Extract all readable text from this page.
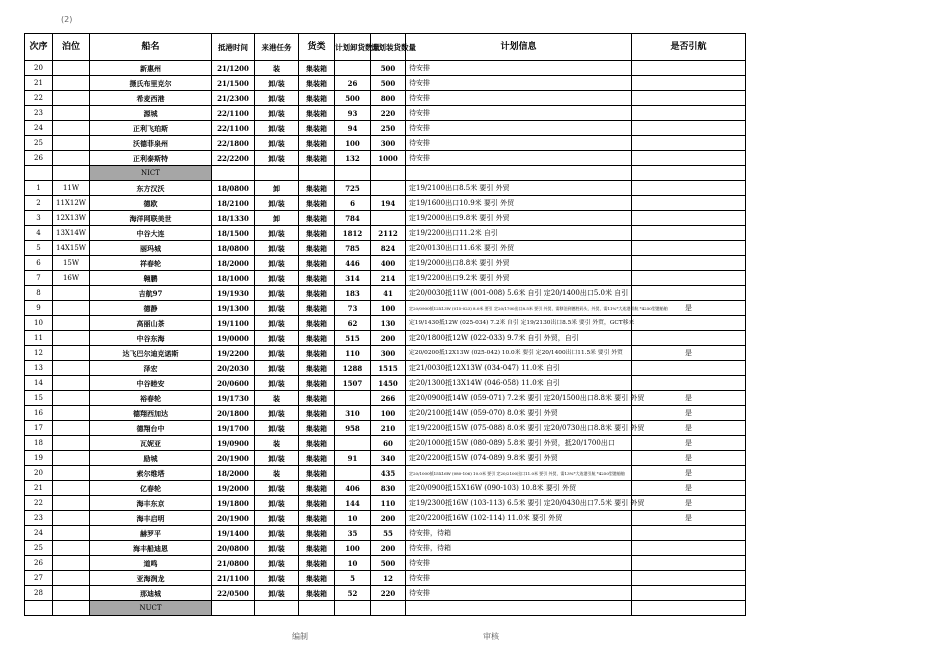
(2)
次序	泊位	船名	抵港时间	来港任务	货类	计划卸货数量	计划装货数量	计划信息	是否引航
20		新惠州	21/1200	装	集装箱		500	待安排	
21		摄氏布里克尔	21/1500	卸/装	集装箱	26	500	待安排	
22		希麦西港	21/2300	卸/装	集装箱	500	800	待安排	
23		源城	22/1100	卸/装	集装箱	93	220	待安排	
24		正利飞珀斯	22/1100	卸/装	集装箱	94	250	待安排	
25		沃德菲泉州	22/1800	卸/装	集装箱	100	300	待安排	
26		正利泰斯特	22/2200	卸/装	集装箱	132	1000	待安排	
		NICT							
1	11W	东方汉沃	18/0800	卸	集装箱	725		定19/2100出口8.5米 要引 外贸	
2	11X12W	德欧	18/2100	卸/装	集装箱	6	194	定19/1600出口10.9米 要引 外贸	
3	12X13W	海洋网联美世	18/1330	卸	集装箱	784		定19/2000出口9.8米 要引 外贸	
4	13X14W	中谷大连	18/1500	卸/装	集装箱	1812	2112	定19/2200出口11.2米 自引	
5	14X15W	丽玛城	18/0800	卸/装	集装箱	785	824	定20/0130出口11.6米 要引 外贸	
6	15W	祥春轮	18/2000	卸/装	集装箱	446	400	定19/2000出口8.8米 要引 外贸	
7	16W	翱鹏	18/1000	卸/装	集装箱	314	214	定19/2200出口9.2米 要引 外贸	
8		吉航97	19/1930	卸/装	集装箱	183	41	定20/0030抵11W (001-008) 5.6米 自引 定20/1400出口5.0米 自引	
9		德静	19/1300	卸/装	集装箱	73	100	定20/0900抵12X13W (015-023) 8.0米 要引 定20/1700出口8.5米 要引 外贸，需移泊到德胜码头，外贸，需11%*大连港引航 *4250型港船舶	是
10		高丽山茶	19/1100	卸/装	集装箱	62	130	定19/1430抵12W (025-034) 7.2米 自引 定19/2130出口8.5米 要引 外贸，GCT移来	
11		中谷东海	19/0000	卸/装	集装箱	515	200	定20/1800抵12W (022-033) 9.7米 自引 外贸，自引	
12		达飞巴尔迪克诺斯	19/2200	卸/装	集装箱	110	300	定20/0200抵12X13W (025-042) 10.0米 要引 定20/1400出口11.5米 要引 外贸	是
13		泽宏	20/2030	卸/装	集装箱	1288	1515	定21/0030抵12X13W (034-047) 11.0米 自引	
14		中谷睦安	20/0600	卸/装	集装箱	1507	1450	定20/1300抵13X14W (046-058) 11.0米 自引	
15		裕春轮	19/1730	装	集装箱		266	定20/0900抵14W (059-071) 7.2米 要引 定20/1500出口8.8米 要引 外贸	是
16		德翔西加达	20/1800	卸/装	集装箱	310	100	定20/2100抵14W (059-070) 8.0米 要引 外贸	是
17		德翔台中	19/1700	卸/装	集装箱	958	210	定19/2200抵15W (075-088) 8.0米 要引 定20/0730出口8.8米 要引 外贸	是
18		瓦妮亚	19/0900	装	集装箱		60	定20/1000抵15W (080-089) 5.8米 要引 外贸，抵20/1700出口	是
19		励城	20/1900	卸/装	集装箱	91	340	定20/2200抵15W (074-089) 9.8米 要引 外贸	是
20		索尔维塔	18/2000	装	集装箱		435	定20/1000抵15X16W (080-106) 10.0米 要引 定20/2100出口11.0米 要引 外贸，需13%*大连港引航 *4250型港船舶	是
21		亿春轮	19/2000	卸/装	集装箱	406	830	定20/0900抵15X16W (090-103) 10.8米 要引 外贸	是
22		海丰东京	19/1800	卸/装	集装箱	144	110	定19/2300抵16W (103-113) 6.5米 要引 定20/0430出口7.5米 要引 外贸	是
23		海丰启明	20/1900	卸/装	集装箱	10	200	定20/2200抵16W (102-114) 11.0米 要引 外贸	是
24		赫罗平	19/1400	卸/装	集装箱	35	55	待安排，待箱	
25		海丰船迪恩	20/0800	卸/装	集装箱	100	200	待安排，待箱	
26		道鸣	21/0800	卸/装	集装箱	10	500	待安排	
27		亚海润龙	21/1100	卸/装	集装箱	5	12	待安排	
28		那迪城	22/0500	卸/装	集装箱	52	220	待安排	
		NUCT							
编制	审核
